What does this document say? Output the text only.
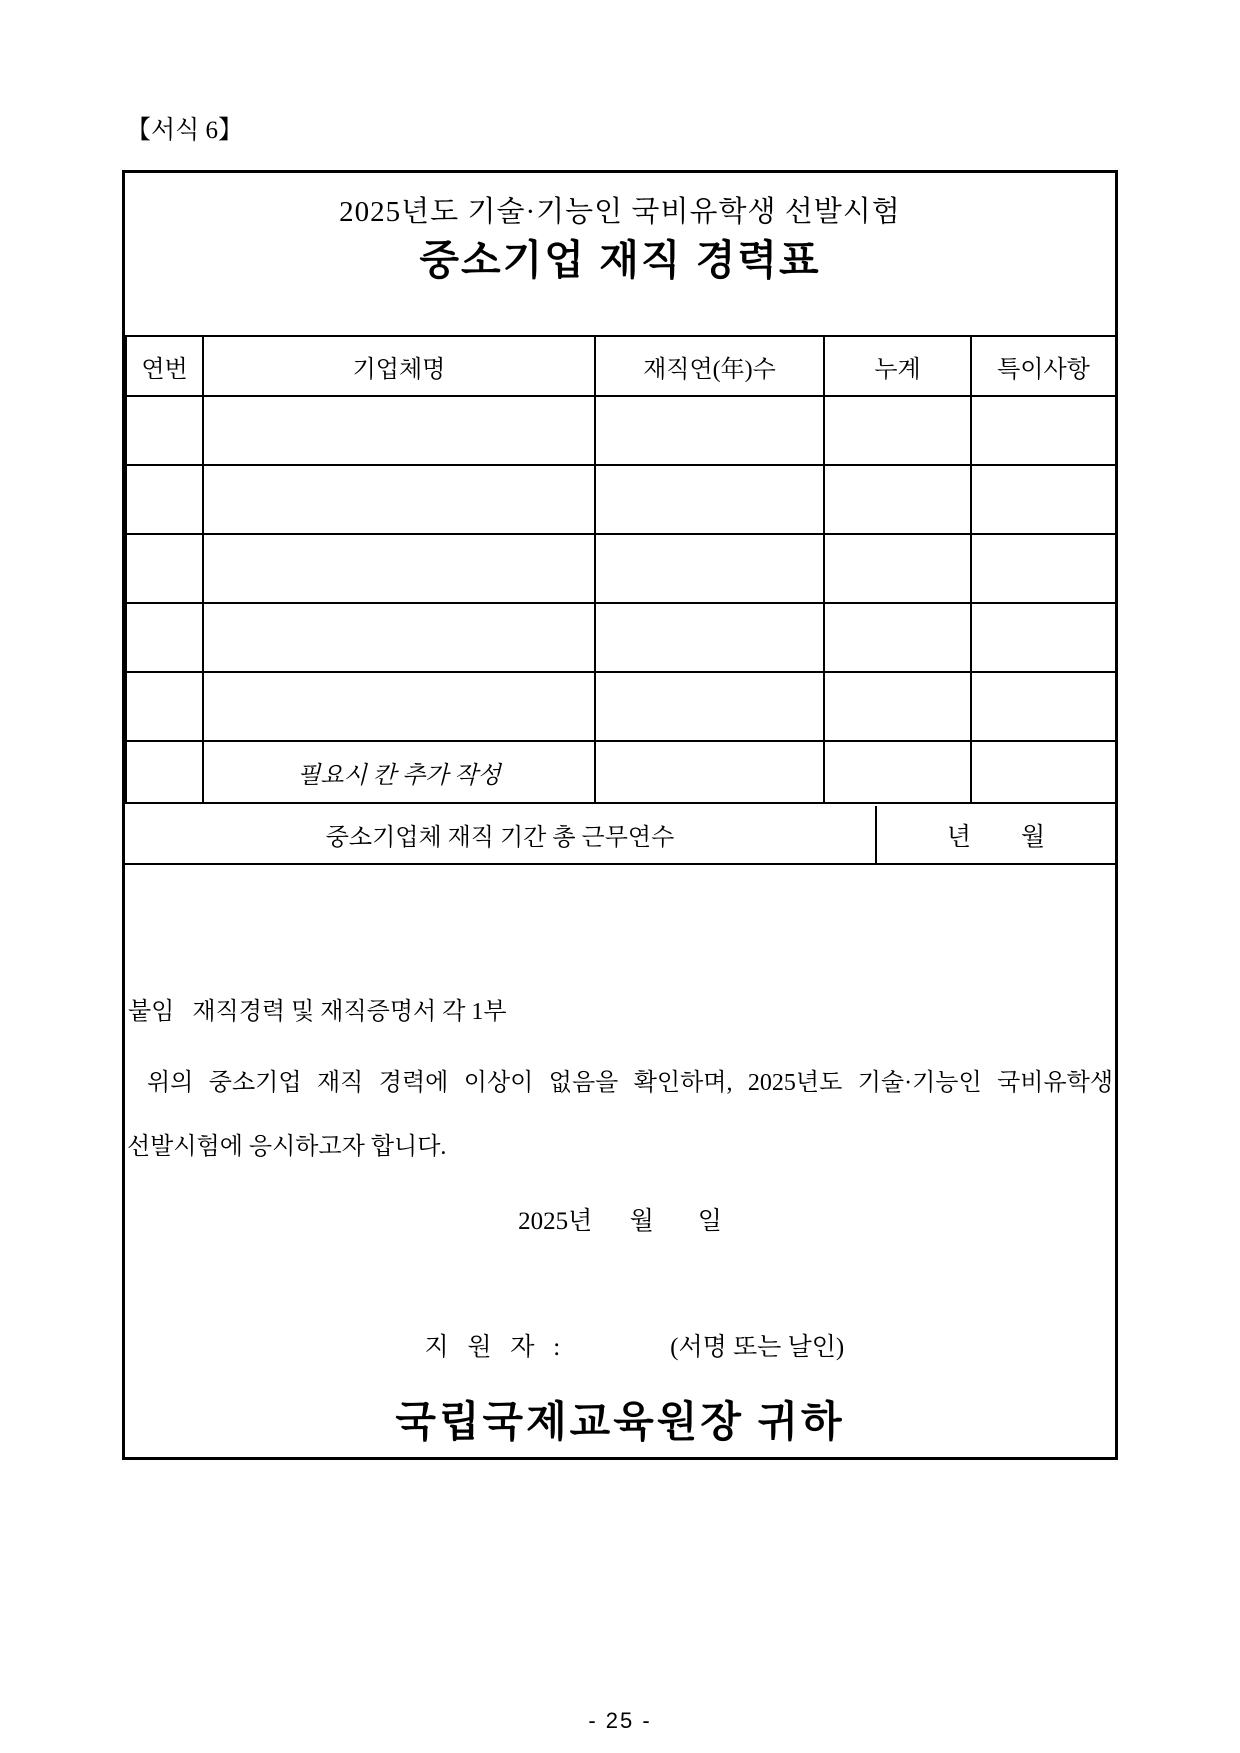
【서식 6】
2025년도 기술·기능인 국비유학생 선발시험
중소기업 재직 경력표
연번	기업체명	재직연(年)수	누계	특이사항

	필요시 칸 추가 작성			
중소기업체 재직 기간 총 근무연수	년        월
붙임   재직경력 및 재직증명서 각 1부
위의 중소기업 재직 경력에 이상이 없음을 확인하며, 2025년도 기술·기능인 국비유학생
선발시험에 응시하고자 합니다.
2025년      월       일

지   원   자   :	(서명 또는 날인)

국립국제교육원장 귀하
- 25 -
